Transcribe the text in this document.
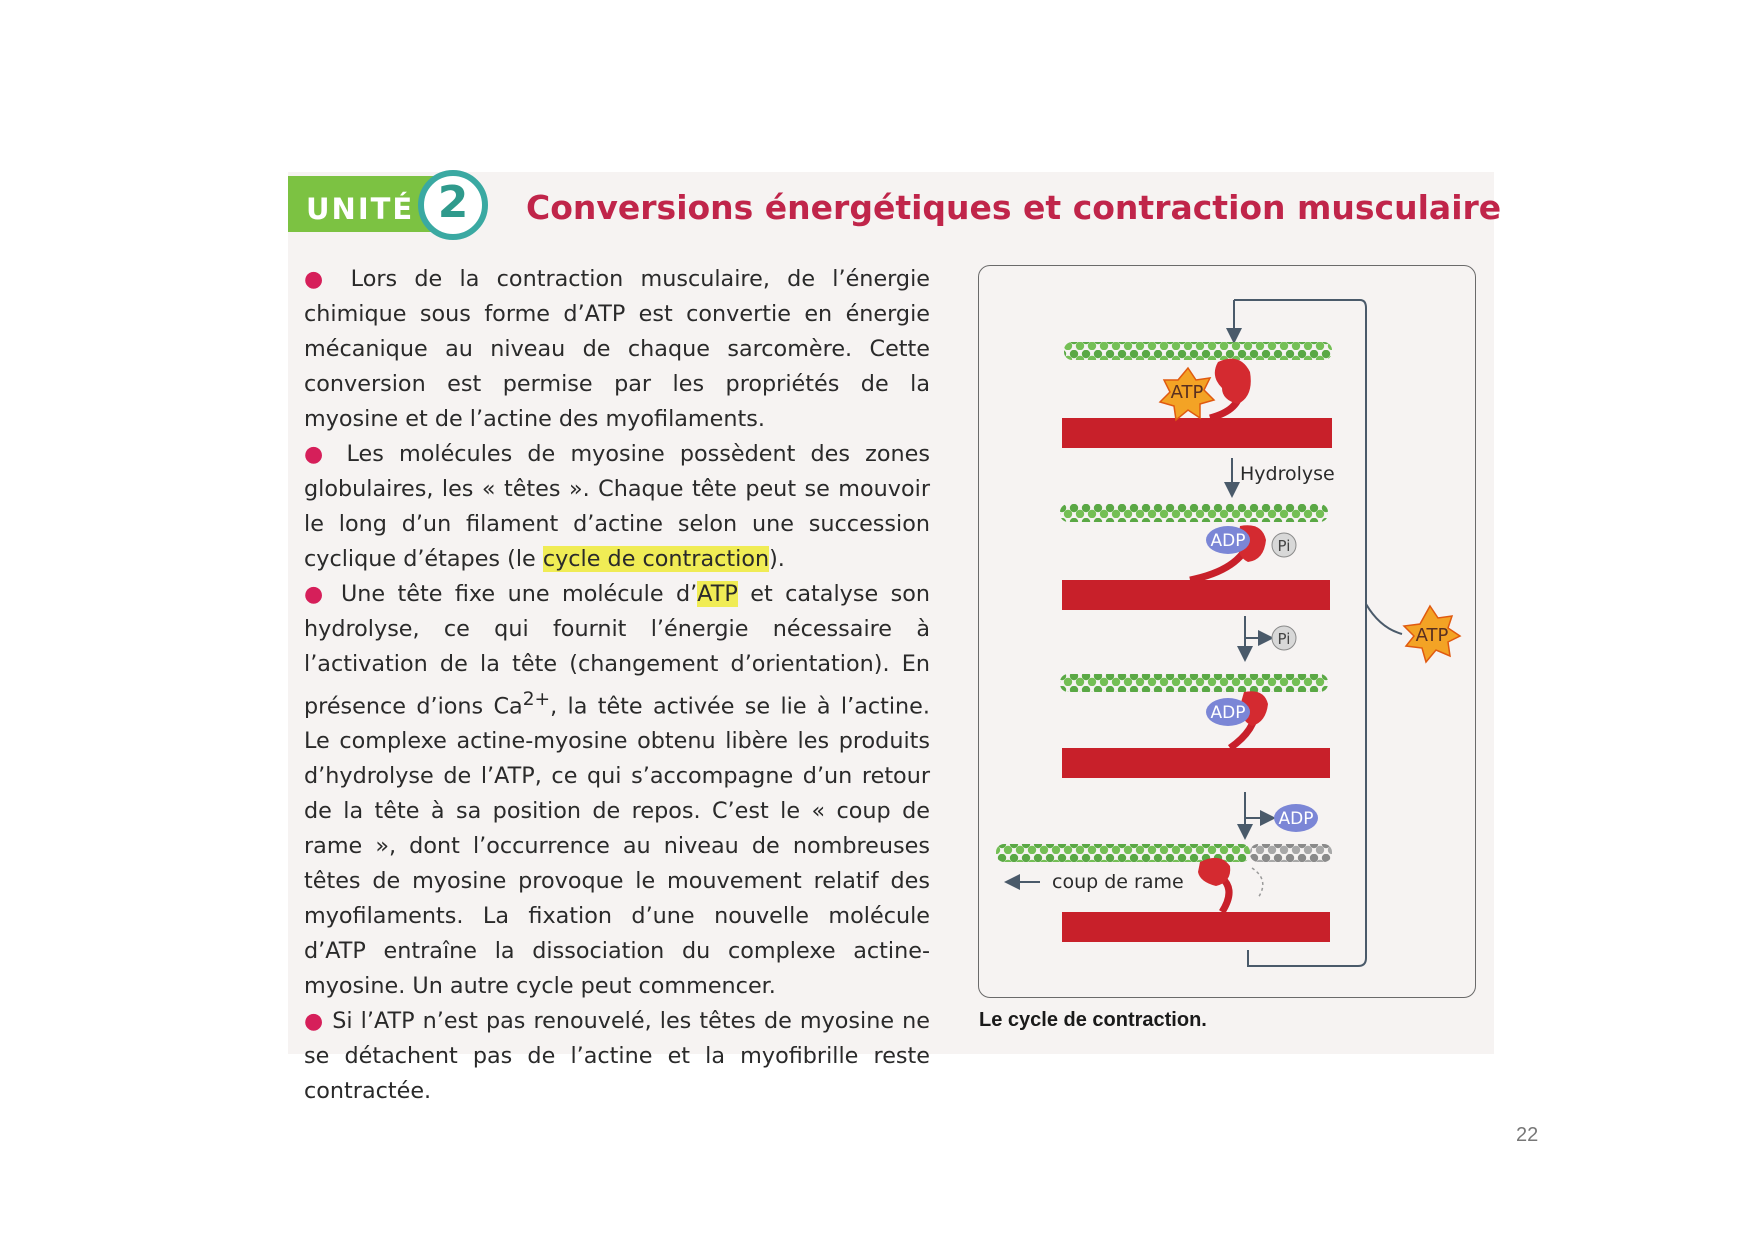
UNITÉ 2	Conversions énergétiques et contraction musculaire

● Lors de la contraction musculaire, de l’énergie chimique sous forme d’ATP est convertie en énergie mécanique au niveau de chaque sarcomère. Cette conversion est permise par les propriétés de la myosine et de l’actine des myofilaments.

● Les molécules de myosine possèdent des zones globulaires, les « têtes ». Chaque tête peut se mouvoir le long d’un filament d’actine selon une succession cyclique d’étapes (le cycle de contraction).

● Une tête fixe une molécule d’ATP et catalyse son hydrolyse, ce qui fournit l’énergie nécessaire à l’activation de la tête (changement d’orientation). En présence d’ions $Ca^{2+}$, la tête activée se lie à l’actine. Le complexe actine-myosine obtenu libère les produits d’hydrolyse de l’ATP, ce qui s’accompagne d’un retour de la tête à sa position de repos. C’est le « coup de rame », dont l’occurrence au niveau de nombreuses têtes de myosine provoque le mouvement relatif des myofilaments. La fixation d’une nouvelle molécule d’ATP entraîne la dissociation du complexe actine-myosine. Un autre cycle peut commencer.

● Si l’ATP n’est pas renouvelé, les têtes de myosine ne se détachent pas de l’actine et la myofibrille reste contractée.

ATP
Hydrolyse
ADP Pi
Pi
ADP
ADP
coup de rame
ATP
Le cycle de contraction.
22
